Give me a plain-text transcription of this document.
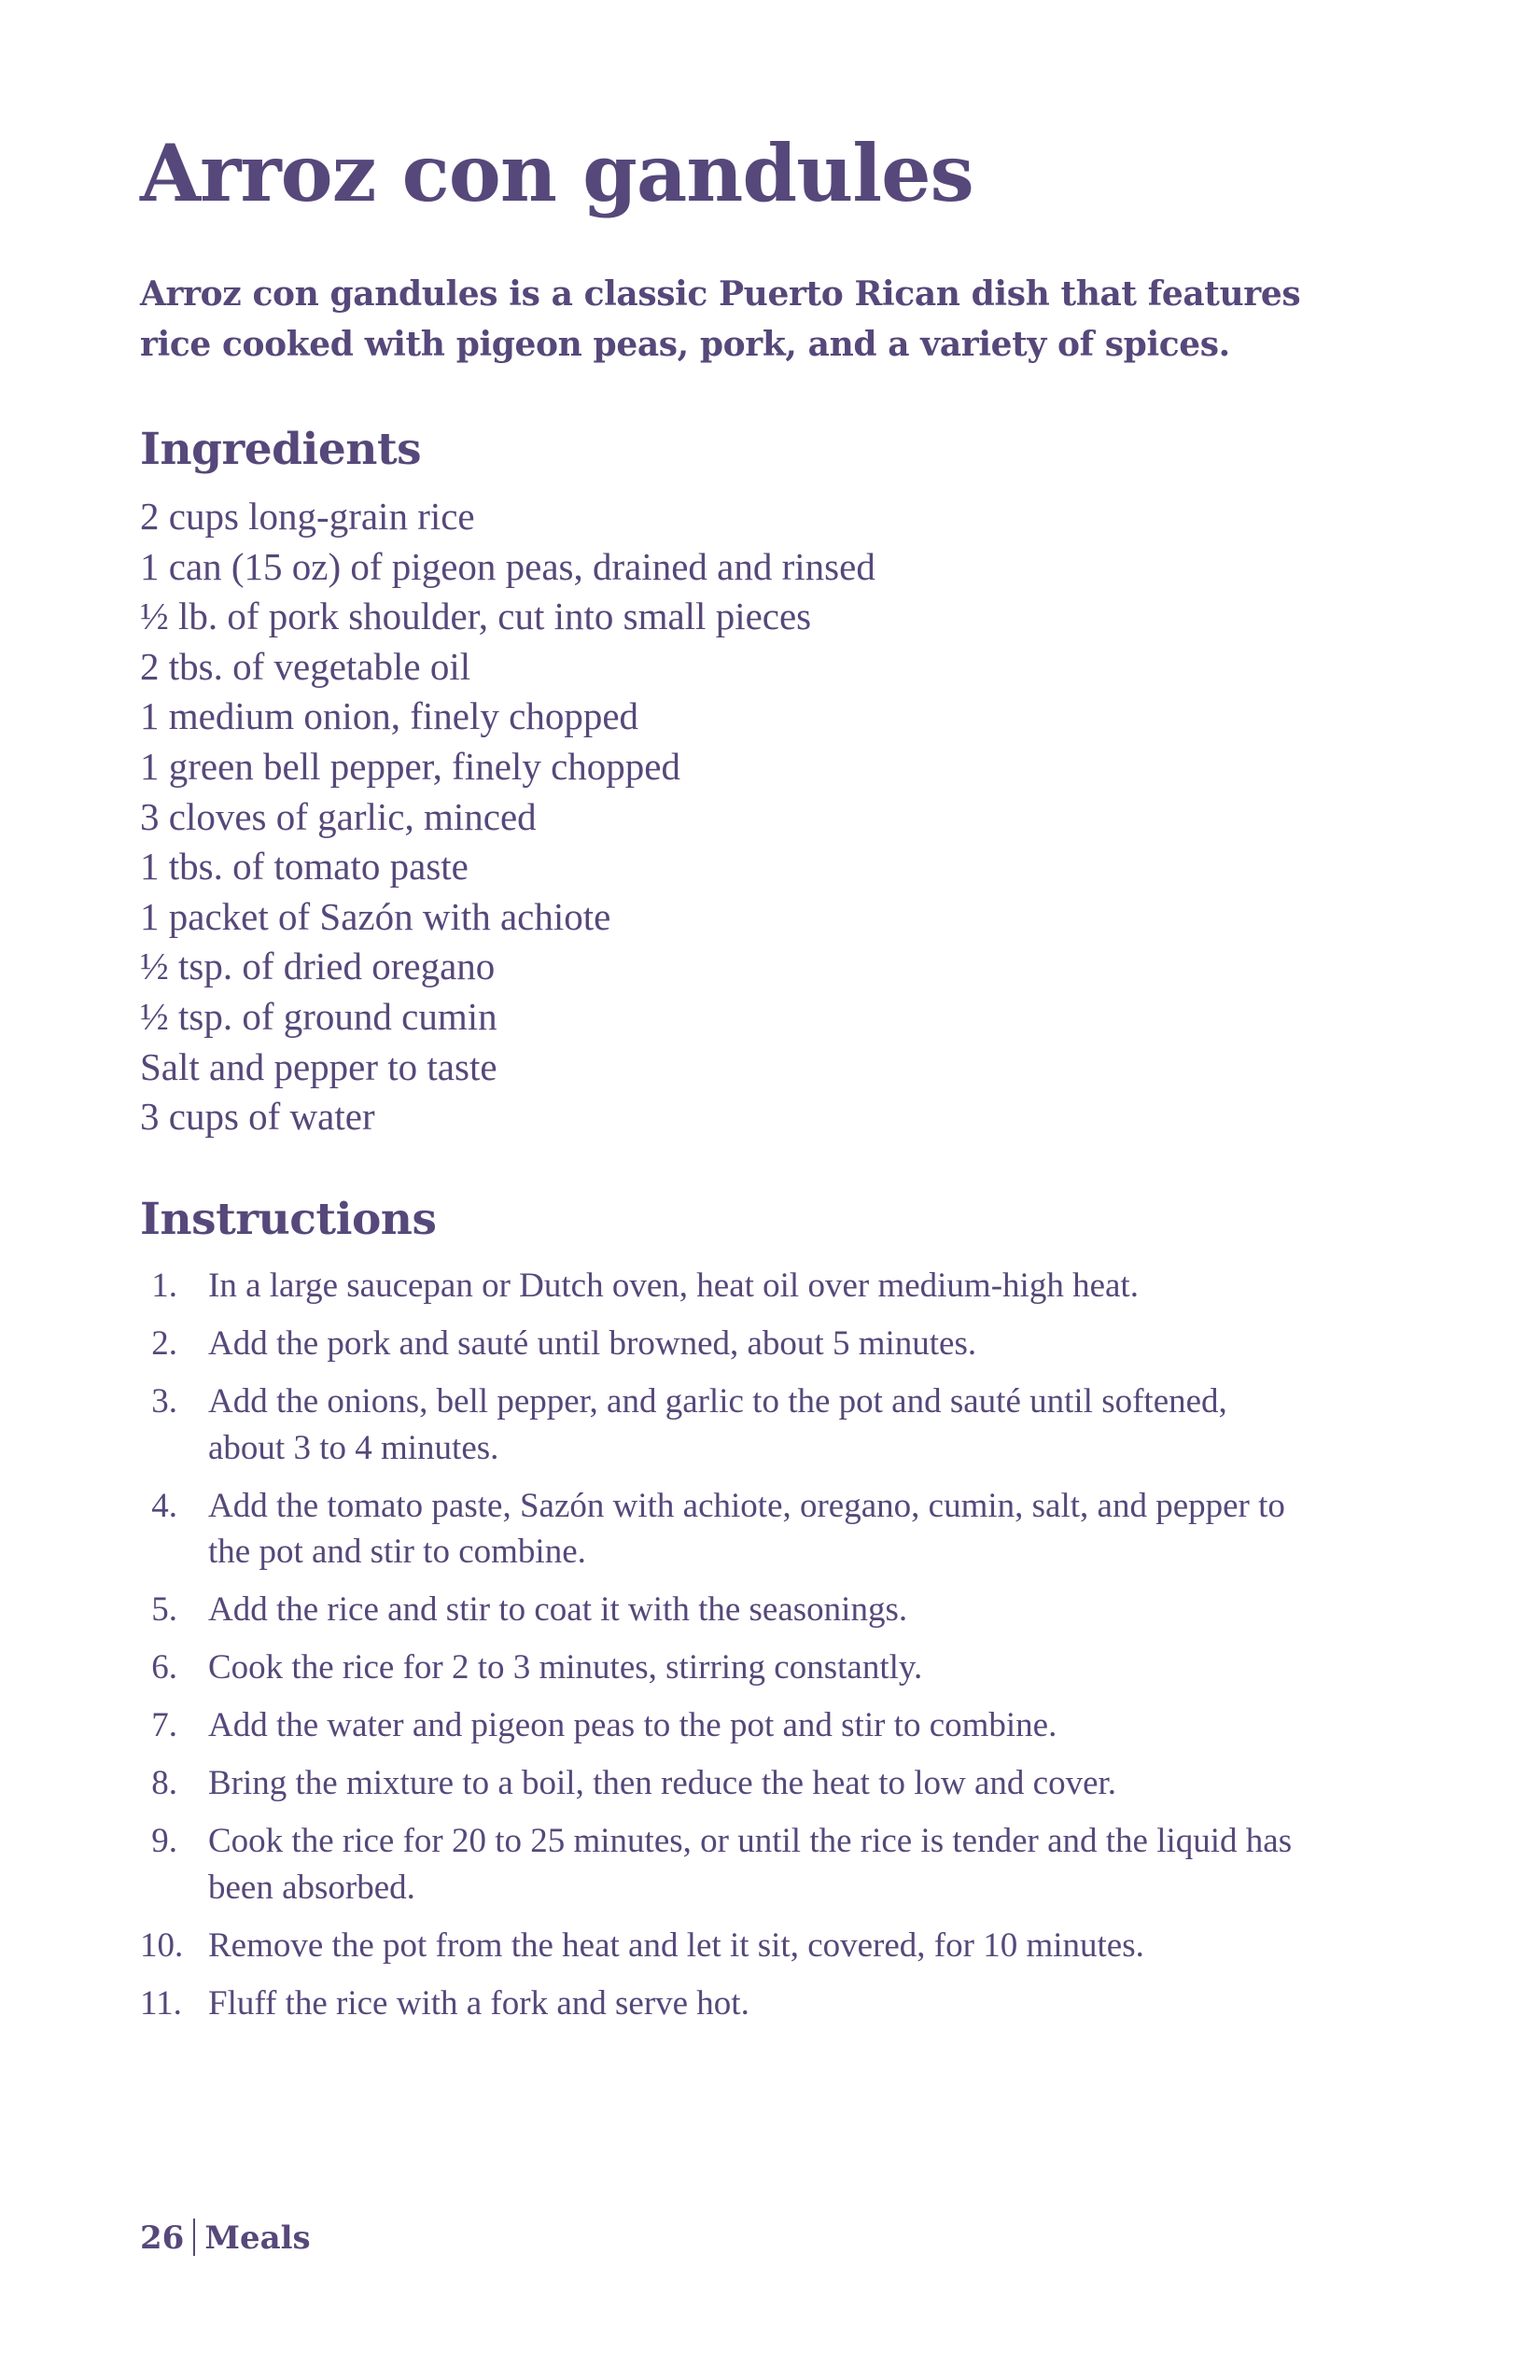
Arroz con gandules

Arroz con gandules is a classic Puerto Rican dish that features rice cooked with pigeon peas, pork, and a variety of spices.

Ingredients
2 cups long-grain rice
1 can (15 oz) of pigeon peas, drained and rinsed
½ lb. of pork shoulder, cut into small pieces
2 tbs. of vegetable oil
1 medium onion, finely chopped
1 green bell pepper, finely chopped
3 cloves of garlic, minced
1 tbs. of tomato paste
1 packet of Sazón with achiote
½ tsp. of dried oregano
½ tsp. of ground cumin
Salt and pepper to taste
3 cups of water
Instructions
1. In a large saucepan or Dutch oven, heat oil over medium-high heat.
2. Add the pork and sauté until browned, about 5 minutes.
3. Add the onions, bell pepper, and garlic to the pot and sauté until softened, about 3 to 4 minutes.
4. Add the tomato paste, Sazón with achiote, oregano, cumin, salt, and pepper to the pot and stir to combine.
5. Add the rice and stir to coat it with the seasonings.
6. Cook the rice for 2 to 3 minutes, stirring constantly.
7. Add the water and pigeon peas to the pot and stir to combine.
8. Bring the mixture to a boil, then reduce the heat to low and cover.
9. Cook the rice for 20 to 25 minutes, or until the rice is tender and the liquid has been absorbed.
10. Remove the pot from the heat and let it sit, covered, for 10 minutes.
11. Fluff the rice with a fork and serve hot.
26 Meals
